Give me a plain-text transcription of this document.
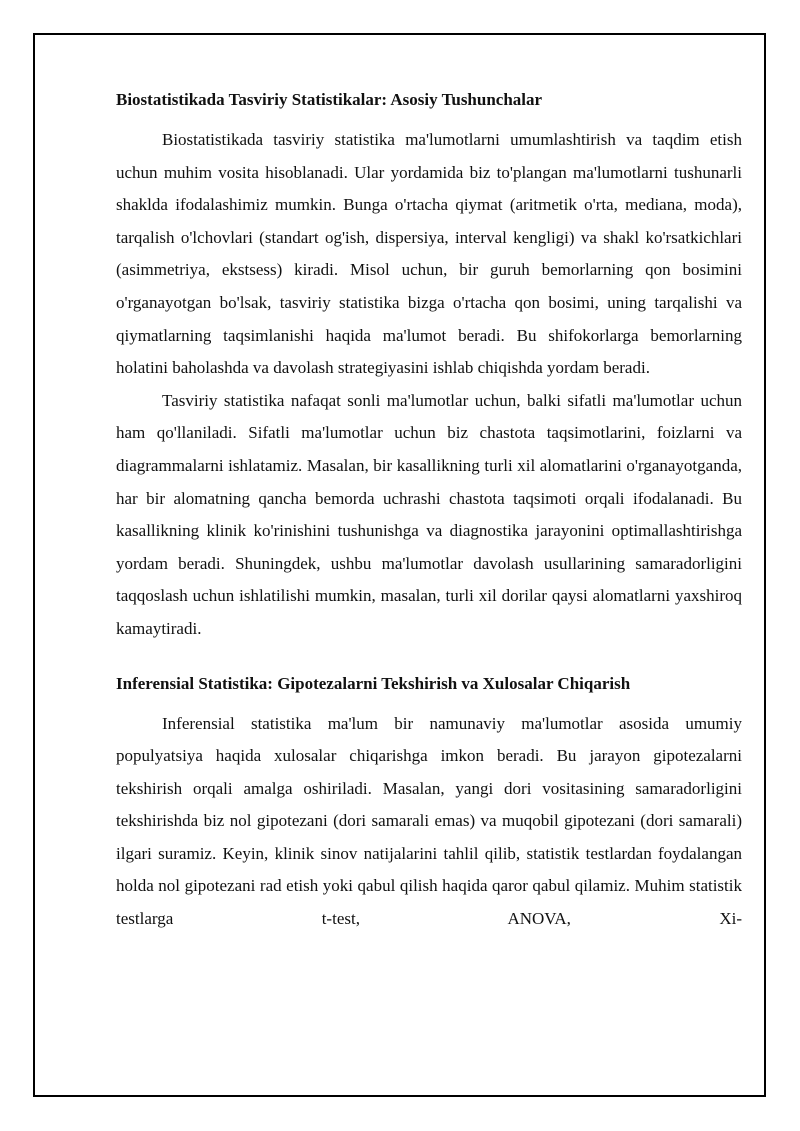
Biostatistikada Tasviriy Statistikalar: Asosiy Tushunchalar

Biostatistikada tasviriy statistika ma'lumotlarni umumlashtirish va taqdim etish uchun muhim vosita hisoblanadi. Ular yordamida biz to'plangan ma'lumotlarni tushunarli shaklda ifodalashimiz mumkin. Bunga o'rtacha qiymat (aritmetik o'rta, mediana, moda), tarqalish o'lchovlari (standart og'ish, dispersiya, interval kengligi) va shakl ko'rsatkichlari (asimmetriya, ekstsess) kiradi. Misol uchun, bir guruh bemorlarning qon bosimini o'rganayotgan bo'lsak, tasviriy statistika bizga o'rtacha qon bosimi, uning tarqalishi va qiymatlarning taqsimlanishi haqida ma'lumot beradi. Bu shifokorlarga bemorlarning holatini baholashda va davolash strategiyasini ishlab chiqishda yordam beradi.

Tasviriy statistika nafaqat sonli ma'lumotlar uchun, balki sifatli ma'lumotlar uchun ham qo'llaniladi. Sifatli ma'lumotlar uchun biz chastota taqsimotlarini, foizlarni va diagrammalarni ishlatamiz. Masalan, bir kasallikning turli xil alomatlarini o'rganayotganda, har bir alomatning qancha bemorda uchrashi chastota taqsimoti orqali ifodalanadi. Bu kasallikning klinik ko'rinishini tushunishga va diagnostika jarayonini optimallashtirishga yordam beradi. Shuningdek, ushbu ma'lumotlar davolash usullarining samaradorligini taqqoslash uchun ishlatilishi mumkin, masalan, turli xil dorilar qaysi alomatlarni yaxshiroq kamaytiradi.

Inferensial Statistika: Gipotezalarni Tekshirish va Xulosalar Chiqarish

Inferensial statistika ma'lum bir namunaviy ma'lumotlar asosida umumiy populyatsiya haqida xulosalar chiqarishga imkon beradi. Bu jarayon gipotezalarni tekshirish orqali amalga oshiriladi. Masalan, yangi dori vositasining samaradorligini tekshirishda biz nol gipotezani (dori samarali emas) va muqobil gipotezani (dori samarali) ilgari suramiz. Keyin, klinik sinov natijalarini tahlil qilib, statistik testlardan foydalangan holda nol gipotezani rad etish yoki qabul qilish haqida qaror qabul qilamiz. Muhim statistik testlarga t-test, ANOVA, Xi-
